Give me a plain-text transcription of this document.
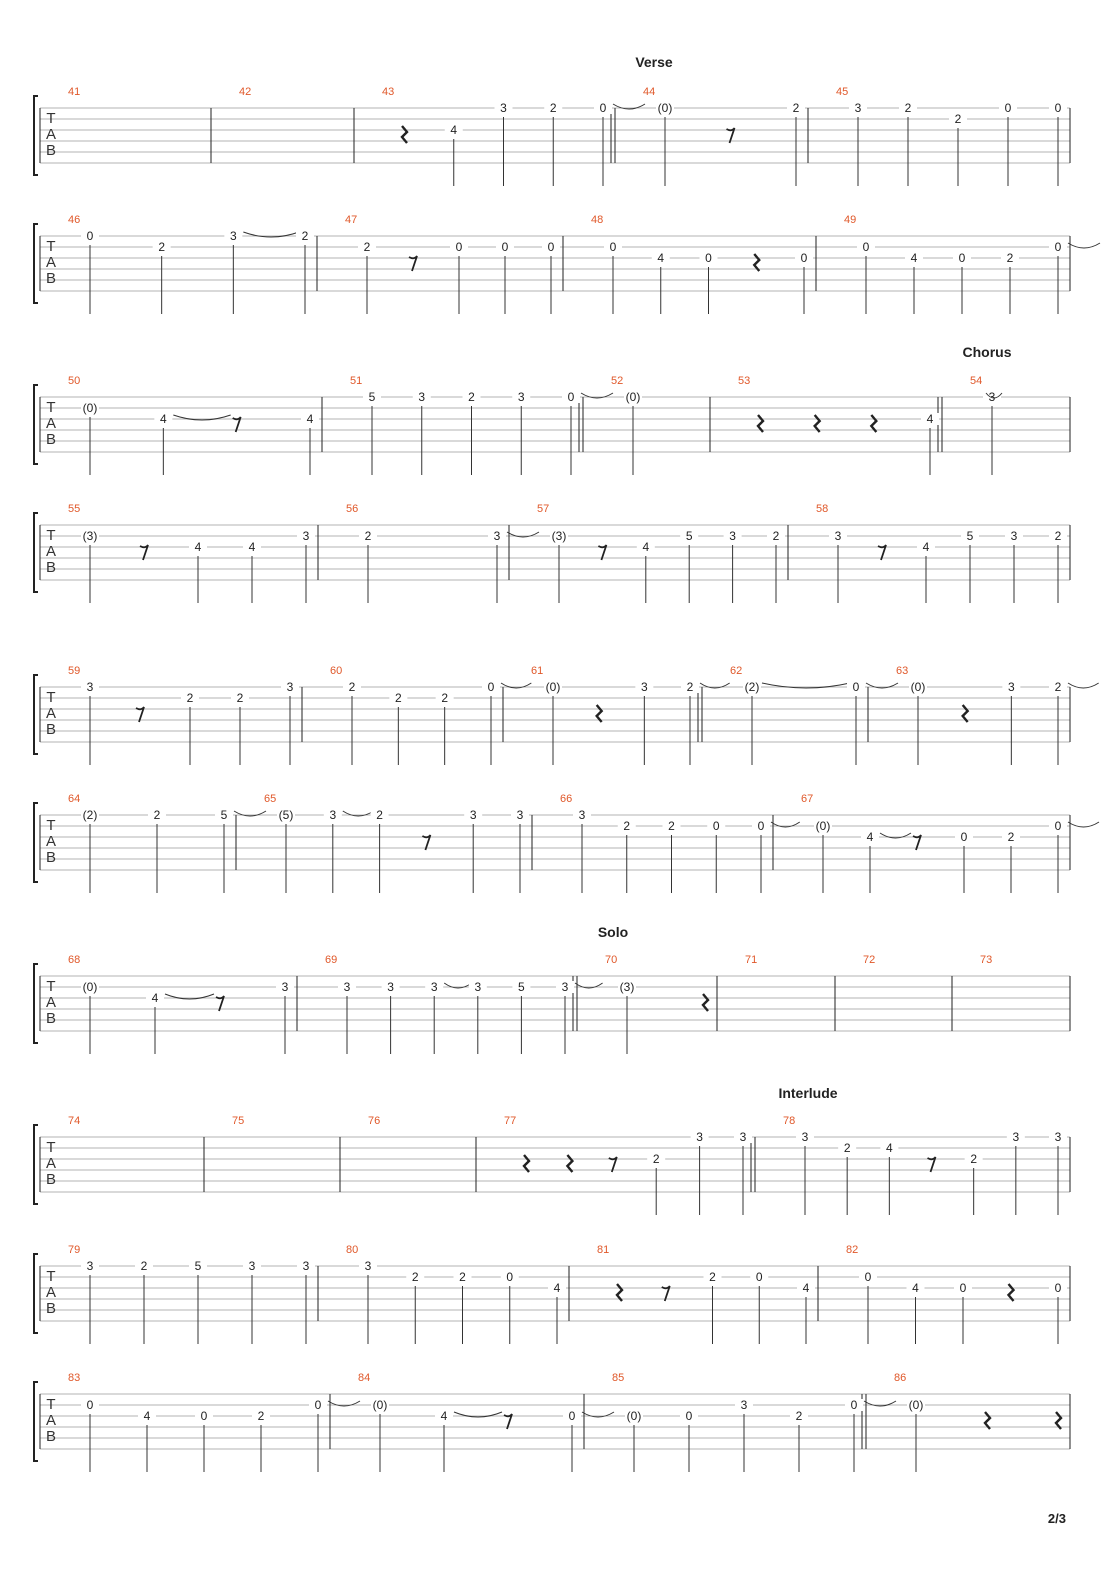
T
A
B
Verse
41	42	43
4
3	2	0
44
(0)	2
45
3	2
2
0	0
T
A
B
46
0
2
3	2
47
2	0	0	0
48
0
4	0	0
49
0
4	0	2
0
T
A
B
Chorus
50
(0)
4	4
51
5	3	2	3	0
52
(0)
53
4
54
3
T
A
B
55
(3)
4	4
3
56
2	3
57
(3)
4
5	3	2
58
3
4
5	3	2
T
A
B
59
3
2	2
3
60
2
2	2
0
61
(0)	3	2
62
(2)	0
63
(0)	3	2
T
A
B
64
(2)	2	5
65
(5)	3	2	3	3
66
3
2	2	0	0
67
(0)
4	0	2
0
T
A
B
Solo
68
(0)
4
3
69
3	3	3	3	5	3
70
(3)
71	72	73
T
A
B
Interlude
74	75	76	77
2
3	3
78
3
2	4
2
3	3
T
A
B
79
3	2	5	3	3
80
3
2	2	0
4
81
2	0
4
82
0
4	0	0
T
A
B
83
0
4	0	2
0
84
(0)
4	0
85
(0)	0
3
2
0
86
(0)
2/3
